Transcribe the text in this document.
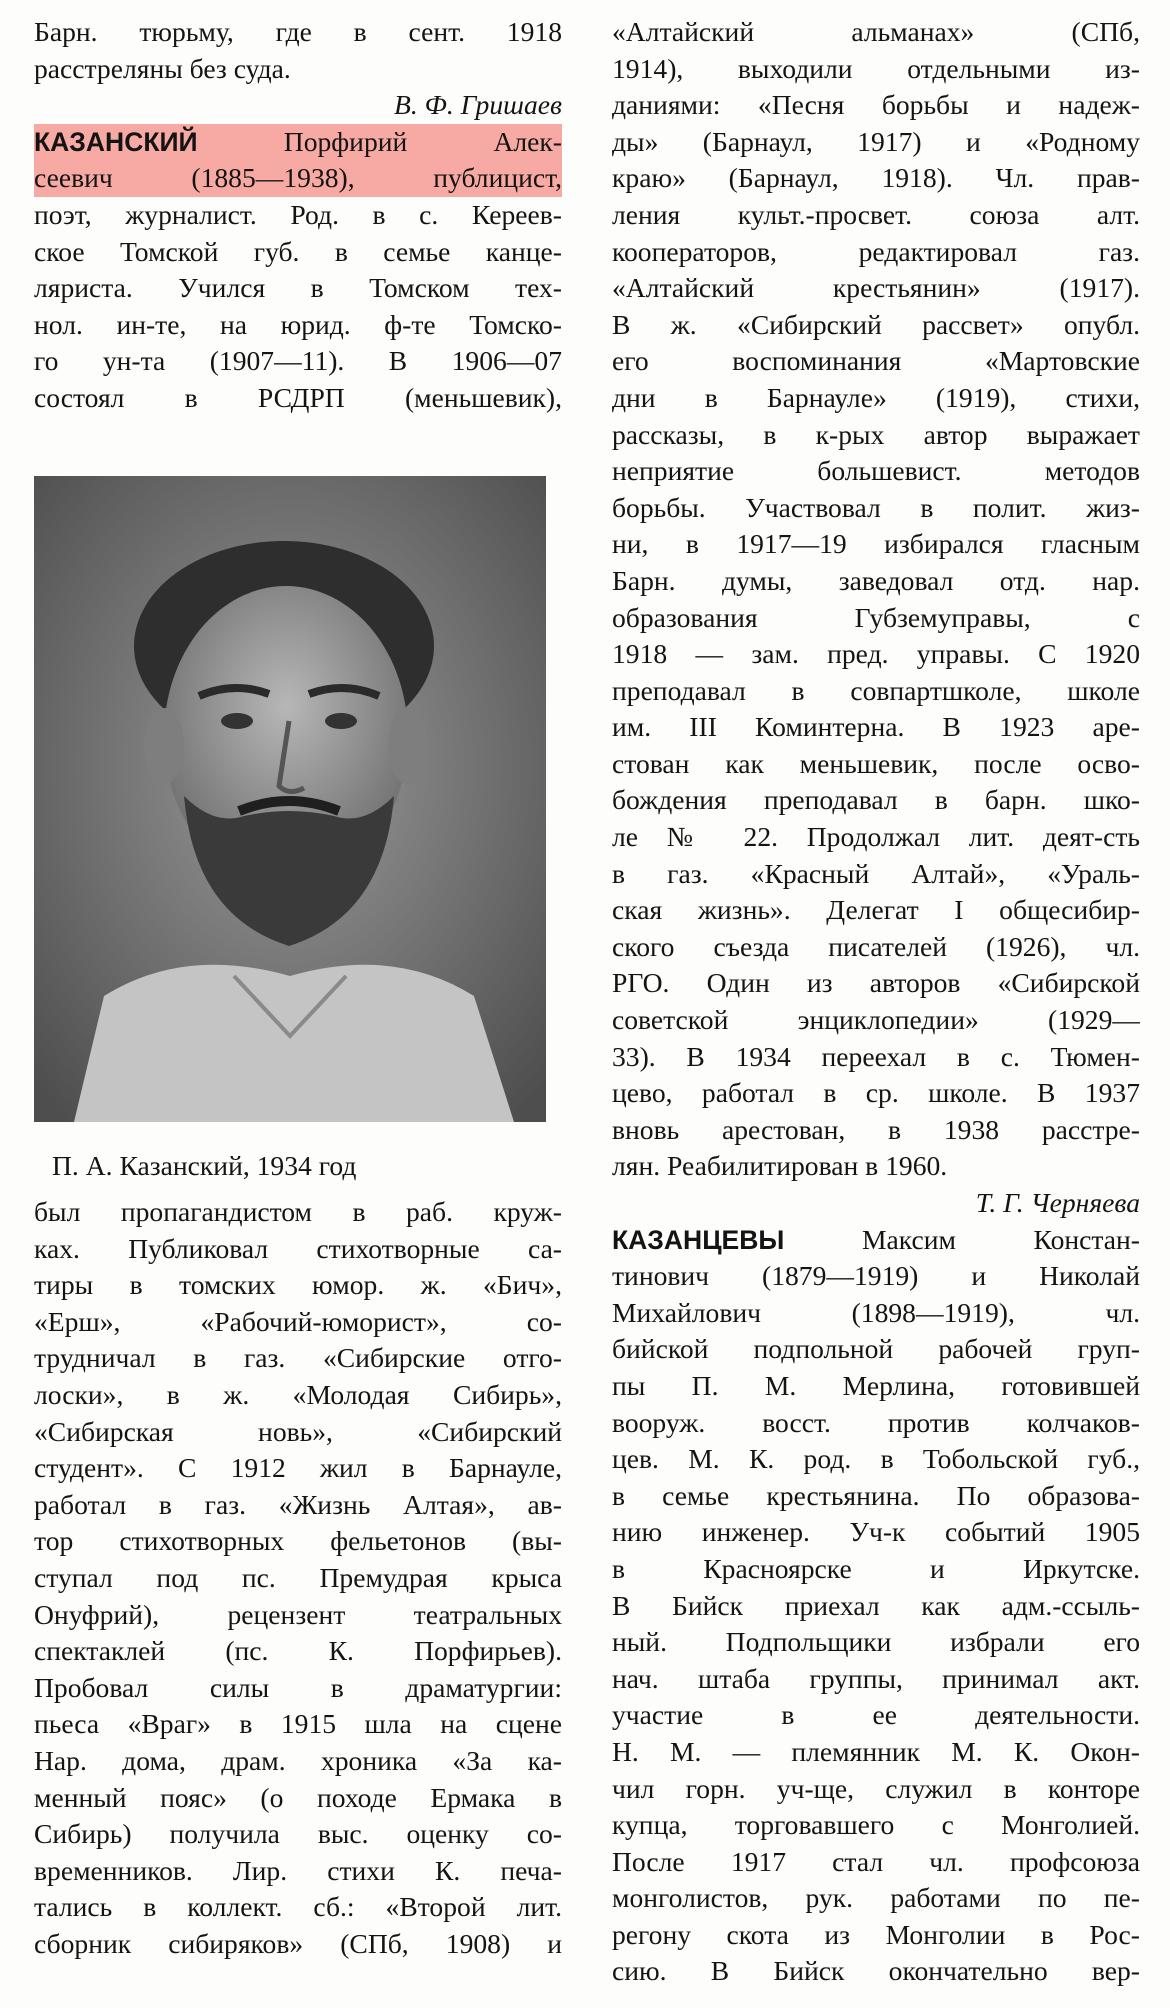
Барн. тюрьму, где в сент. 1918
расстреляны без суда.
В. Ф. Гришаев
КАЗАНСКИЙ Порфирий Алек-
сеевич (1885—1938), публицист,
поэт, журналист. Род. в с. Кереев-
ское Томской губ. в семье канце-
ляриста. Учился в Томском тех-
нол. ин-те, на юрид. ф-те Томско-
го ун-та (1907—11). В 1906—07
состоял в РСДРП (меньшевик),
П. А. Казанский, 1934 год
был пропагандистом в раб. круж-
ках. Публиковал стихотворные са-
тиры в томских юмор. ж. «Бич»,
«Ерш», «Рабочий-юморист», со-
трудничал в газ. «Сибирские отго-
лоски», в ж. «Молодая Сибирь»,
«Сибирская новь», «Сибирский
студент». С 1912 жил в Барнауле,
работал в газ. «Жизнь Алтая», ав-
тор стихотворных фельетонов (вы-
ступал под пс. Премудрая крыса
Онуфрий), рецензент театральных
спектаклей (пс. К. Порфирьев).
Пробовал силы в драматургии:
пьеса «Враг» в 1915 шла на сцене
Нар. дома, драм. хроника «За ка-
менный пояс» (о походе Ермака в
Сибирь) получила выс. оценку со-
временников. Лир. стихи К. печа-
тались в коллект. сб.: «Второй лит.
сборник сибиряков» (СПб, 1908) и
«Алтайский альманах» (СПб,
1914), выходили отдельными из-
даниями: «Песня борьбы и надеж-
ды» (Барнаул, 1917) и «Родному
краю» (Барнаул, 1918). Чл. прав-
ления культ.-просвет. союза алт.
кооператоров, редактировал газ.
«Алтайский крестьянин» (1917).
В ж. «Сибирский рассвет» опубл.
его воспоминания «Мартовские
дни в Барнауле» (1919), стихи,
рассказы, в к-рых автор выражает
неприятие большевист. методов
борьбы. Участвовал в полит. жиз-
ни, в 1917—19 избирался гласным
Барн. думы, заведовал отд. нар.
образования Губземуправы, с
1918 — зам. пред. управы. С 1920
преподавал в совпартшколе, школе
им. III Коминтерна. В 1923 аре-
стован как меньшевик, после осво-
бождения преподавал в барн. шко-
ле № 22. Продолжал лит. деят-сть
в газ. «Красный Алтай», «Ураль-
ская жизнь». Делегат I общесибир-
ского съезда писателей (1926), чл.
РГО. Один из авторов «Сибирской
советской энциклопедии» (1929—
33). В 1934 переехал в с. Тюмен-
цево, работал в ср. школе. В 1937
вновь арестован, в 1938 расстре-
лян. Реабилитирован в 1960.
Т. Г. Черняева
КАЗАНЦЕВЫ Максим Констан-
тинович (1879—1919) и Николай
Михайлович (1898—1919), чл.
бийской подпольной рабочей груп-
пы П. М. Мерлина, готовившей
вооруж. восст. против колчаков-
цев. М. К. род. в Тобольской губ.,
в семье крестьянина. По образова-
нию инженер. Уч-к событий 1905
в Красноярске и Иркутске.
В Бийск приехал как адм.-ссыль-
ный. Подпольщики избрали его
нач. штаба группы, принимал акт.
участие в ее деятельности.
Н. М. — племянник М. К. Окон-
чил горн. уч-ще, служил в конторе
купца, торговавшего с Монголией.
После 1917 стал чл. профсоюза
монголистов, рук. работами по пе-
регону скота из Монголии в Рос-
сию. В Бийск окончательно вер-
